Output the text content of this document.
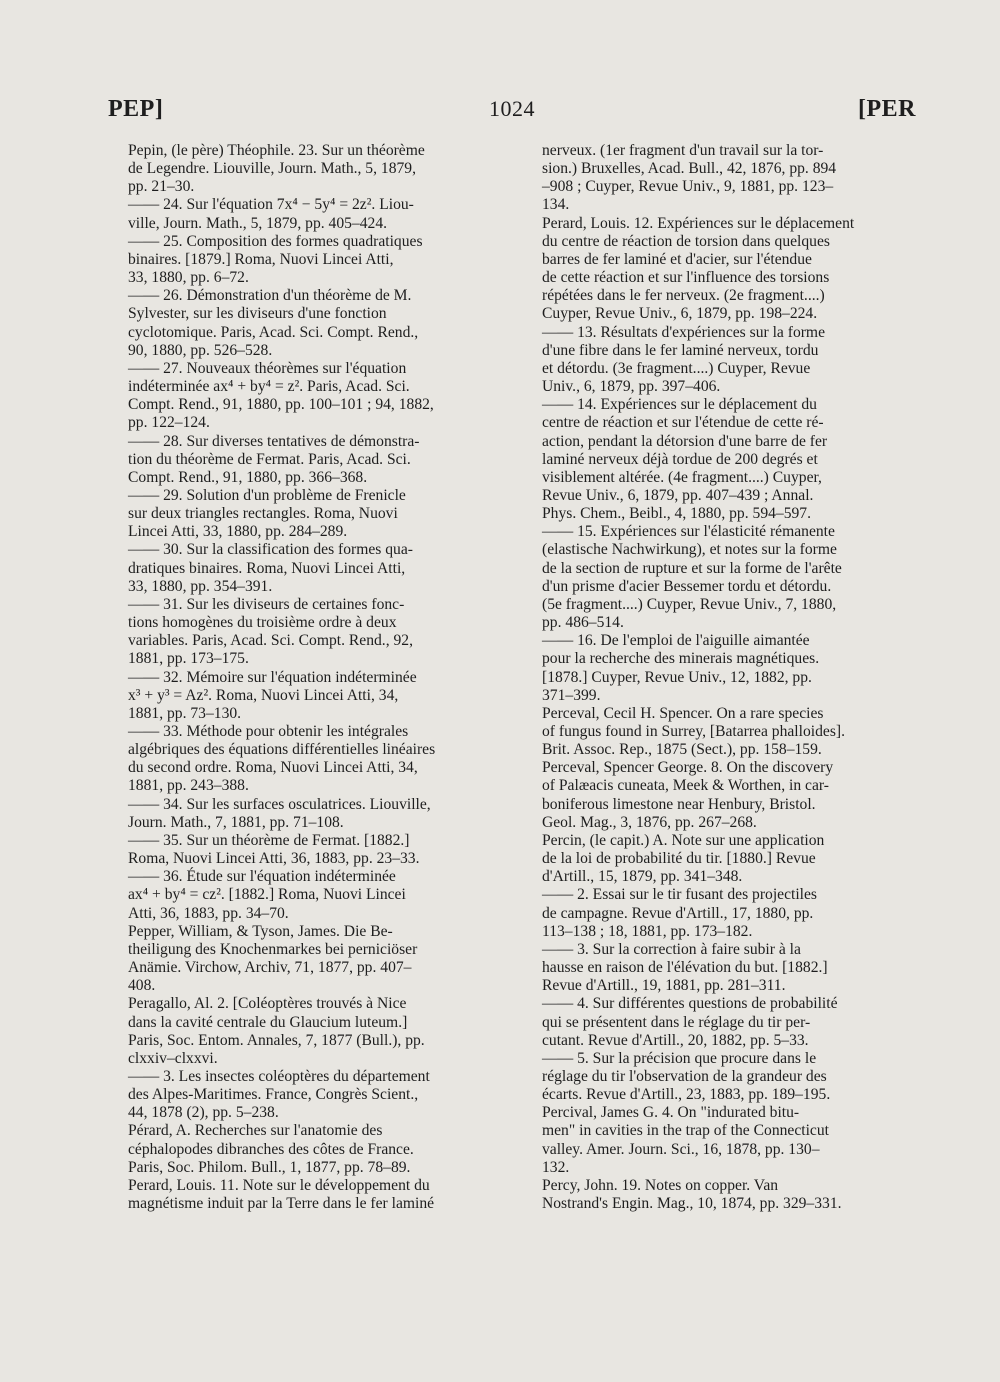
PEP]	1024	[PER
Pepin, (le père) Théophile. 23. Sur un théorème
de Legendre. Liouville, Journ. Math., 5, 1879,
pp. 21–30.
—— 24. Sur l'équation 7x⁴ − 5y⁴ = 2z². Liou-
ville, Journ. Math., 5, 1879, pp. 405–424.
—— 25. Composition des formes quadratiques
binaires. [1879.] Roma, Nuovi Lincei Atti,
33, 1880, pp. 6–72.
—— 26. Démonstration d'un théorème de M.
Sylvester, sur les diviseurs d'une fonction
cyclotomique. Paris, Acad. Sci. Compt. Rend.,
90, 1880, pp. 526–528.
—— 27. Nouveaux théorèmes sur l'équation
indéterminée ax⁴ + by⁴ = z². Paris, Acad. Sci.
Compt. Rend., 91, 1880, pp. 100–101 ; 94, 1882,
pp. 122–124.
—— 28. Sur diverses tentatives de démonstra-
tion du théorème de Fermat. Paris, Acad. Sci.
Compt. Rend., 91, 1880, pp. 366–368.
—— 29. Solution d'un problème de Frenicle
sur deux triangles rectangles. Roma, Nuovi
Lincei Atti, 33, 1880, pp. 284–289.
—— 30. Sur la classification des formes qua-
dratiques binaires. Roma, Nuovi Lincei Atti,
33, 1880, pp. 354–391.
—— 31. Sur les diviseurs de certaines fonc-
tions homogènes du troisième ordre à deux
variables. Paris, Acad. Sci. Compt. Rend., 92,
1881, pp. 173–175.
—— 32. Mémoire sur l'équation indéterminée
x³ + y³ = Az². Roma, Nuovi Lincei Atti, 34,
1881, pp. 73–130.
—— 33. Méthode pour obtenir les intégrales
algébriques des équations différentielles linéaires
du second ordre. Roma, Nuovi Lincei Atti, 34,
1881, pp. 243–388.
—— 34. Sur les surfaces osculatrices. Liouville,
Journ. Math., 7, 1881, pp. 71–108.
—— 35. Sur un théorème de Fermat. [1882.]
Roma, Nuovi Lincei Atti, 36, 1883, pp. 23–33.
—— 36. Étude sur l'équation indéterminée
ax⁴ + by⁴ = cz². [1882.] Roma, Nuovi Lincei
Atti, 36, 1883, pp. 34–70.
Pepper, William, & Tyson, James. Die Be-
theiligung des Knochenmarkes bei perniciöser
Anämie. Virchow, Archiv, 71, 1877, pp. 407–
408.
Peragallo, Al. 2. [Coléoptères trouvés à Nice
dans la cavité centrale du Glaucium luteum.]
Paris, Soc. Entom. Annales, 7, 1877 (Bull.), pp.
clxxiv–clxxvi.
—— 3. Les insectes coléoptères du département
des Alpes-Maritimes. France, Congrès Scient.,
44, 1878 (2), pp. 5–238.
Pérard, A. Recherches sur l'anatomie des
céphalopodes dibranches des côtes de France.
Paris, Soc. Philom. Bull., 1, 1877, pp. 78–89.
Perard, Louis. 11. Note sur le développement du
magnétisme induit par la Terre dans le fer laminé
nerveux. (1er fragment d'un travail sur la tor-
sion.) Bruxelles, Acad. Bull., 42, 1876, pp. 894
–908 ; Cuyper, Revue Univ., 9, 1881, pp. 123–
134.
Perard, Louis. 12. Expériences sur le déplacement
du centre de réaction de torsion dans quelques
barres de fer laminé et d'acier, sur l'étendue
de cette réaction et sur l'influence des torsions
répétées dans le fer nerveux. (2e fragment....)
Cuyper, Revue Univ., 6, 1879, pp. 198–224.
—— 13. Résultats d'expériences sur la forme
d'une fibre dans le fer laminé nerveux, tordu
et détordu. (3e fragment....) Cuyper, Revue
Univ., 6, 1879, pp. 397–406.
—— 14. Expériences sur le déplacement du
centre de réaction et sur l'étendue de cette ré-
action, pendant la détorsion d'une barre de fer
laminé nerveux déjà tordue de 200 degrés et
visiblement altérée. (4e fragment....) Cuyper,
Revue Univ., 6, 1879, pp. 407–439 ; Annal.
Phys. Chem., Beibl., 4, 1880, pp. 594–597.
—— 15. Expériences sur l'élasticité rémanente
(elastische Nachwirkung), et notes sur la forme
de la section de rupture et sur la forme de l'arête
d'un prisme d'acier Bessemer tordu et détordu.
(5e fragment....) Cuyper, Revue Univ., 7, 1880,
pp. 486–514.
—— 16. De l'emploi de l'aiguille aimantée
pour la recherche des minerais magnétiques.
[1878.] Cuyper, Revue Univ., 12, 1882, pp.
371–399.
Perceval, Cecil H. Spencer. On a rare species
of fungus found in Surrey, [Batarrea phalloides].
Brit. Assoc. Rep., 1875 (Sect.), pp. 158–159.
Perceval, Spencer George. 8. On the discovery
of Palæacis cuneata, Meek & Worthen, in car-
boniferous limestone near Henbury, Bristol.
Geol. Mag., 3, 1876, pp. 267–268.
Percin, (le capit.) A. Note sur une application
de la loi de probabilité du tir. [1880.] Revue
d'Artill., 15, 1879, pp. 341–348.
—— 2. Essai sur le tir fusant des projectiles
de campagne. Revue d'Artill., 17, 1880, pp.
113–138 ; 18, 1881, pp. 173–182.
—— 3. Sur la correction à faire subir à la
hausse en raison de l'élévation du but. [1882.]
Revue d'Artill., 19, 1881, pp. 281–311.
—— 4. Sur différentes questions de probabilité
qui se présentent dans le réglage du tir per-
cutant. Revue d'Artill., 20, 1882, pp. 5–33.
—— 5. Sur la précision que procure dans le
réglage du tir l'observation de la grandeur des
écarts. Revue d'Artill., 23, 1883, pp. 189–195.
Percival, James G. 4. On "indurated bitu-
men" in cavities in the trap of the Connecticut
valley. Amer. Journ. Sci., 16, 1878, pp. 130–
132.
Percy, John. 19. Notes on copper. Van
Nostrand's Engin. Mag., 10, 1874, pp. 329–331.
